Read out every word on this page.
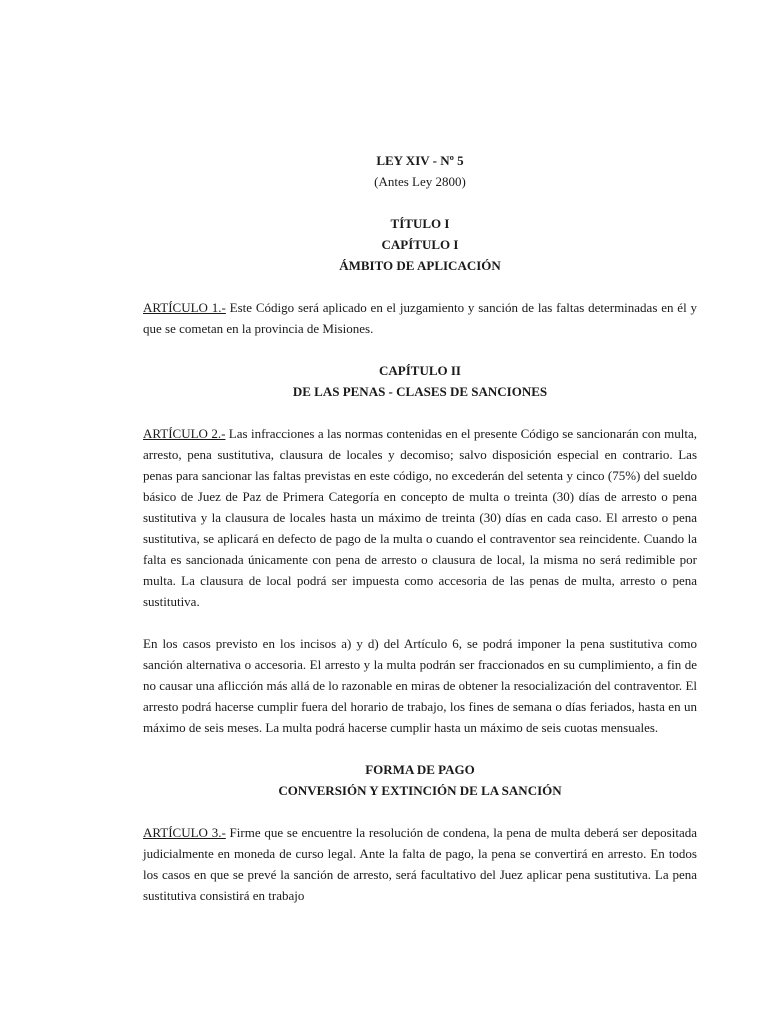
LEY XIV - Nº 5

(Antes Ley 2800)

TÍTULO I

CAPÍTULO I

ÁMBITO DE APLICACIÓN

ARTÍCULO 1.- Este Código será aplicado en el juzgamiento y sanción de las faltas determinadas en él y que se cometan en la provincia de Misiones.

CAPÍTULO II

DE LAS PENAS - CLASES DE SANCIONES

ARTÍCULO 2.- Las infracciones a las normas contenidas en el presente Código se sancionarán con multa, arresto, pena sustitutiva, clausura de locales y decomiso; salvo disposición especial en contrario. Las penas para sancionar las faltas previstas en este código, no excederán del setenta y cinco (75%) del sueldo básico de Juez de Paz de Primera Categoría en concepto de multa o treinta (30) días de arresto o pena sustitutiva y la clausura de locales hasta un máximo de treinta (30) días en cada caso. El arresto o pena sustitutiva, se aplicará en defecto de pago de la multa o cuando el contraventor sea reincidente. Cuando la falta es sancionada únicamente con pena de arresto o clausura de local, la misma no será redimible por multa. La clausura de local podrá ser impuesta como accesoria de las penas de multa, arresto o pena sustitutiva.

En los casos previsto en los incisos a) y d) del Artículo 6, se podrá imponer la pena sustitutiva como sanción alternativa o accesoria. El arresto y la multa podrán ser fraccionados en su cumplimiento, a fin de no causar una aflicción más allá de lo razonable en miras de obtener la resocialización del contraventor. El arresto podrá hacerse cumplir fuera del horario de trabajo, los fines de semana o días feriados, hasta en un máximo de seis meses. La multa podrá hacerse cumplir hasta un máximo de seis cuotas mensuales.

FORMA DE PAGO

CONVERSIÓN Y EXTINCIÓN DE LA SANCIÓN

ARTÍCULO 3.- Firme que se encuentre la resolución de condena, la pena de multa deberá ser depositada judicialmente en moneda de curso legal. Ante la falta de pago, la pena se convertirá en arresto. En todos los casos en que se prevé la sanción de arresto, será facultativo del Juez aplicar pena sustitutiva. La pena sustitutiva consistirá en trabajo
